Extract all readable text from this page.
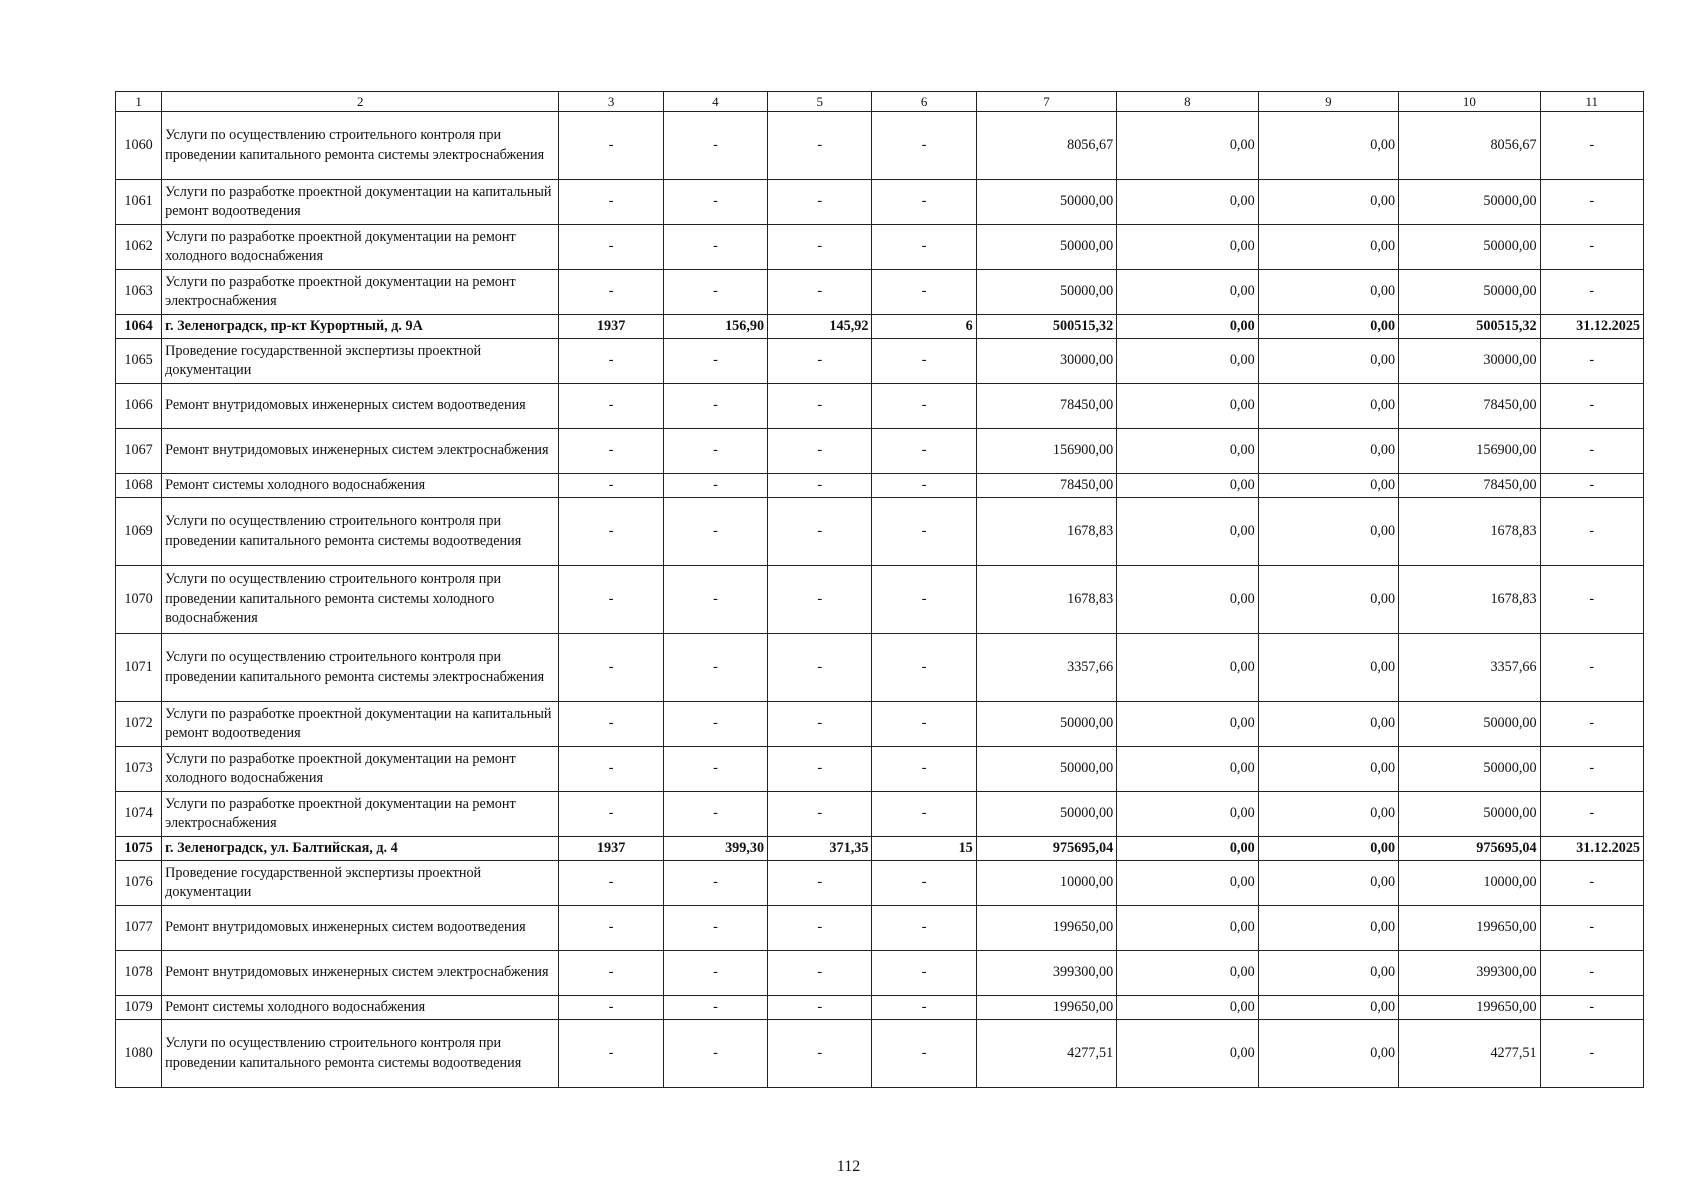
1	2	3	4	5	6	7	8	9	10	11
1060	Услуги по осуществлению строительного контроля при проведении капитального ремонта системы электроснабжения	-	-	-	-	8056,67	0,00	0,00	8056,67	-
1061	Услуги по разработке проектной документации на капитальный ремонт водоотведения	-	-	-	-	50000,00	0,00	0,00	50000,00	-
1062	Услуги по разработке проектной документации на ремонт холодного водоснабжения	-	-	-	-	50000,00	0,00	0,00	50000,00	-
1063	Услуги по разработке проектной документации на ремонт электроснабжения	-	-	-	-	50000,00	0,00	0,00	50000,00	-
1064	г. Зеленоградск, пр-кт Курортный, д. 9А	1937	156,90	145,92	6	500515,32	0,00	0,00	500515,32	31.12.2025
1065	Проведение государственной экспертизы проектной документации	-	-	-	-	30000,00	0,00	0,00	30000,00	-
1066	Ремонт внутридомовых инженерных систем водоотведения	-	-	-	-	78450,00	0,00	0,00	78450,00	-
1067	Ремонт внутридомовых инженерных систем электроснабжения	-	-	-	-	156900,00	0,00	0,00	156900,00	-
1068	Ремонт системы холодного водоснабжения	-	-	-	-	78450,00	0,00	0,00	78450,00	-
1069	Услуги по осуществлению строительного контроля при проведении капитального ремонта системы водоотведения	-	-	-	-	1678,83	0,00	0,00	1678,83	-
1070	Услуги по осуществлению строительного контроля при проведении капитального ремонта системы холодного водоснабжения	-	-	-	-	1678,83	0,00	0,00	1678,83	-
1071	Услуги по осуществлению строительного контроля при проведении капитального ремонта системы электроснабжения	-	-	-	-	3357,66	0,00	0,00	3357,66	-
1072	Услуги по разработке проектной документации на капитальный ремонт водоотведения	-	-	-	-	50000,00	0,00	0,00	50000,00	-
1073	Услуги по разработке проектной документации на ремонт холодного водоснабжения	-	-	-	-	50000,00	0,00	0,00	50000,00	-
1074	Услуги по разработке проектной документации на ремонт электроснабжения	-	-	-	-	50000,00	0,00	0,00	50000,00	-
1075	г. Зеленоградск, ул. Балтийская, д. 4	1937	399,30	371,35	15	975695,04	0,00	0,00	975695,04	31.12.2025
1076	Проведение государственной экспертизы проектной документации	-	-	-	-	10000,00	0,00	0,00	10000,00	-
1077	Ремонт внутридомовых инженерных систем водоотведения	-	-	-	-	199650,00	0,00	0,00	199650,00	-
1078	Ремонт внутридомовых инженерных систем электроснабжения	-	-	-	-	399300,00	0,00	0,00	399300,00	-
1079	Ремонт системы холодного водоснабжения	-	-	-	-	199650,00	0,00	0,00	199650,00	-
1080	Услуги по осуществлению строительного контроля при проведении капитального ремонта системы водоотведения	-	-	-	-	4277,51	0,00	0,00	4277,51	-
112
